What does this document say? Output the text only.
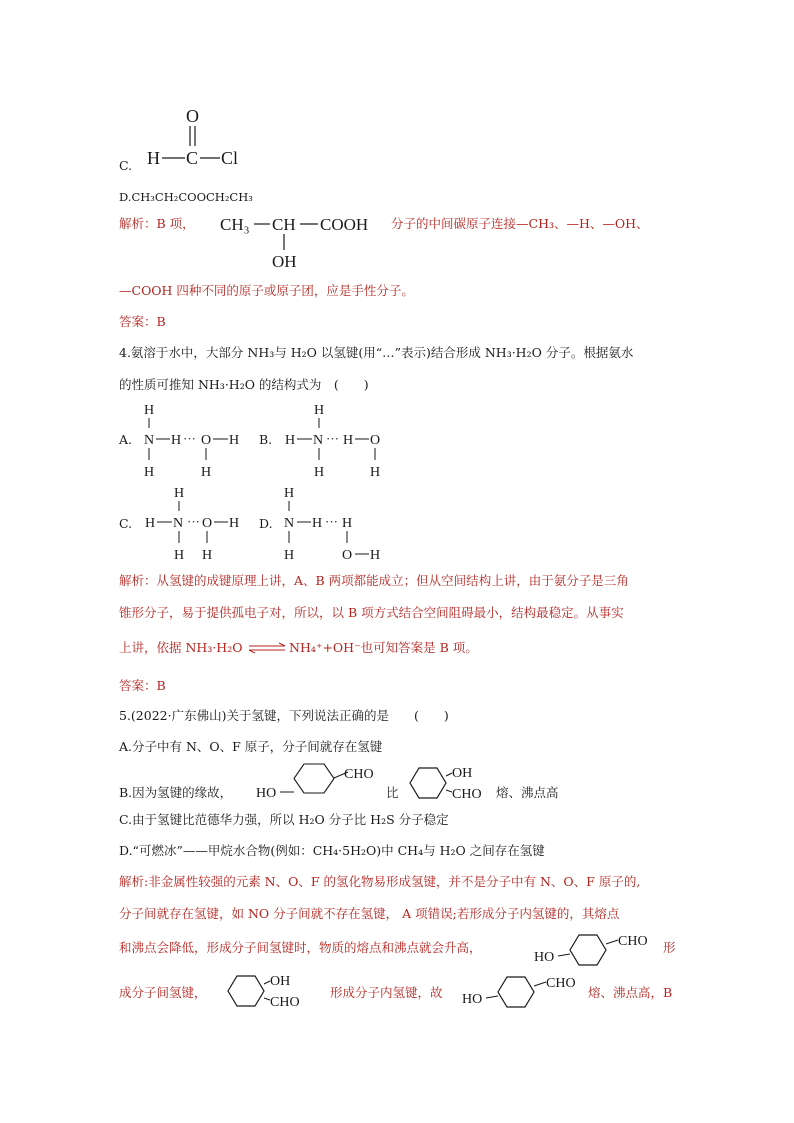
C.
O
H C Cl
D.CH₃CH₂COOCH₂CH₃
解析：B 项， CH₃ CH COOH
OH
分子的中间碳原子连接—CH₃、—H、—OH、
—COOH 四种不同的原子或原子团，应是手性分子。
答案：B
4.氨溶于水中，大部分 NH₃与 H₂O 以氢键(用“…”表示)结合形成 NH₃·H₂O 分子。根据氨水
的性质可推知 NH₃·H₂O 的结构式为　(　　)
A.
H
N H ··· O H
H	H
B.
H
H N ··· H O
H	H
C.
H
H N ··· O H
H H
D.
H
N H ··· H
H	O H
解析：从氢键的成键原理上讲，A、B 两项都能成立；但从空间结构上讲，由于氨分子是三角
锥形分子，易于提供孤电子对，所以，以 B 项方式结合空间阻碍最小，结构最稳定。从事实
上讲，依据 NH₃·H₂O ⇌ NH₄⁺+OH⁻也可知答案是 B 项。
答案：B
5.(2022·广东佛山)关于氢键，下列说法正确的是　　(　　)
A.分子中有 N、O、F 原子，分子间就存在氢键
B.因为氢键的缘故， HO
CHO
比
OH
CHO 熔、沸点高
C.由于氢键比范德华力强，所以 H₂O 分子比 H₂S 分子稳定
D.“可燃冰”——甲烷水合物(例如：CH₄·5H₂O)中 CH₄与 H₂O 之间存在氢键
解析:非金属性较强的元素 N、O、F 的氢化物易形成氢键，并不是分子中有 N、O、F 原子的,
分子间就存在氢键，如 NO 分子间就不存在氢键， A 项错误;若形成分子内氢键的，其熔点
和沸点会降低，形成分子间氢键时，物质的熔点和沸点就会升高，
HO
CHO 形
成分子间氢键，
OH
CHO
形成分子内氢键，故 HO
CHO
熔、沸点高，B
